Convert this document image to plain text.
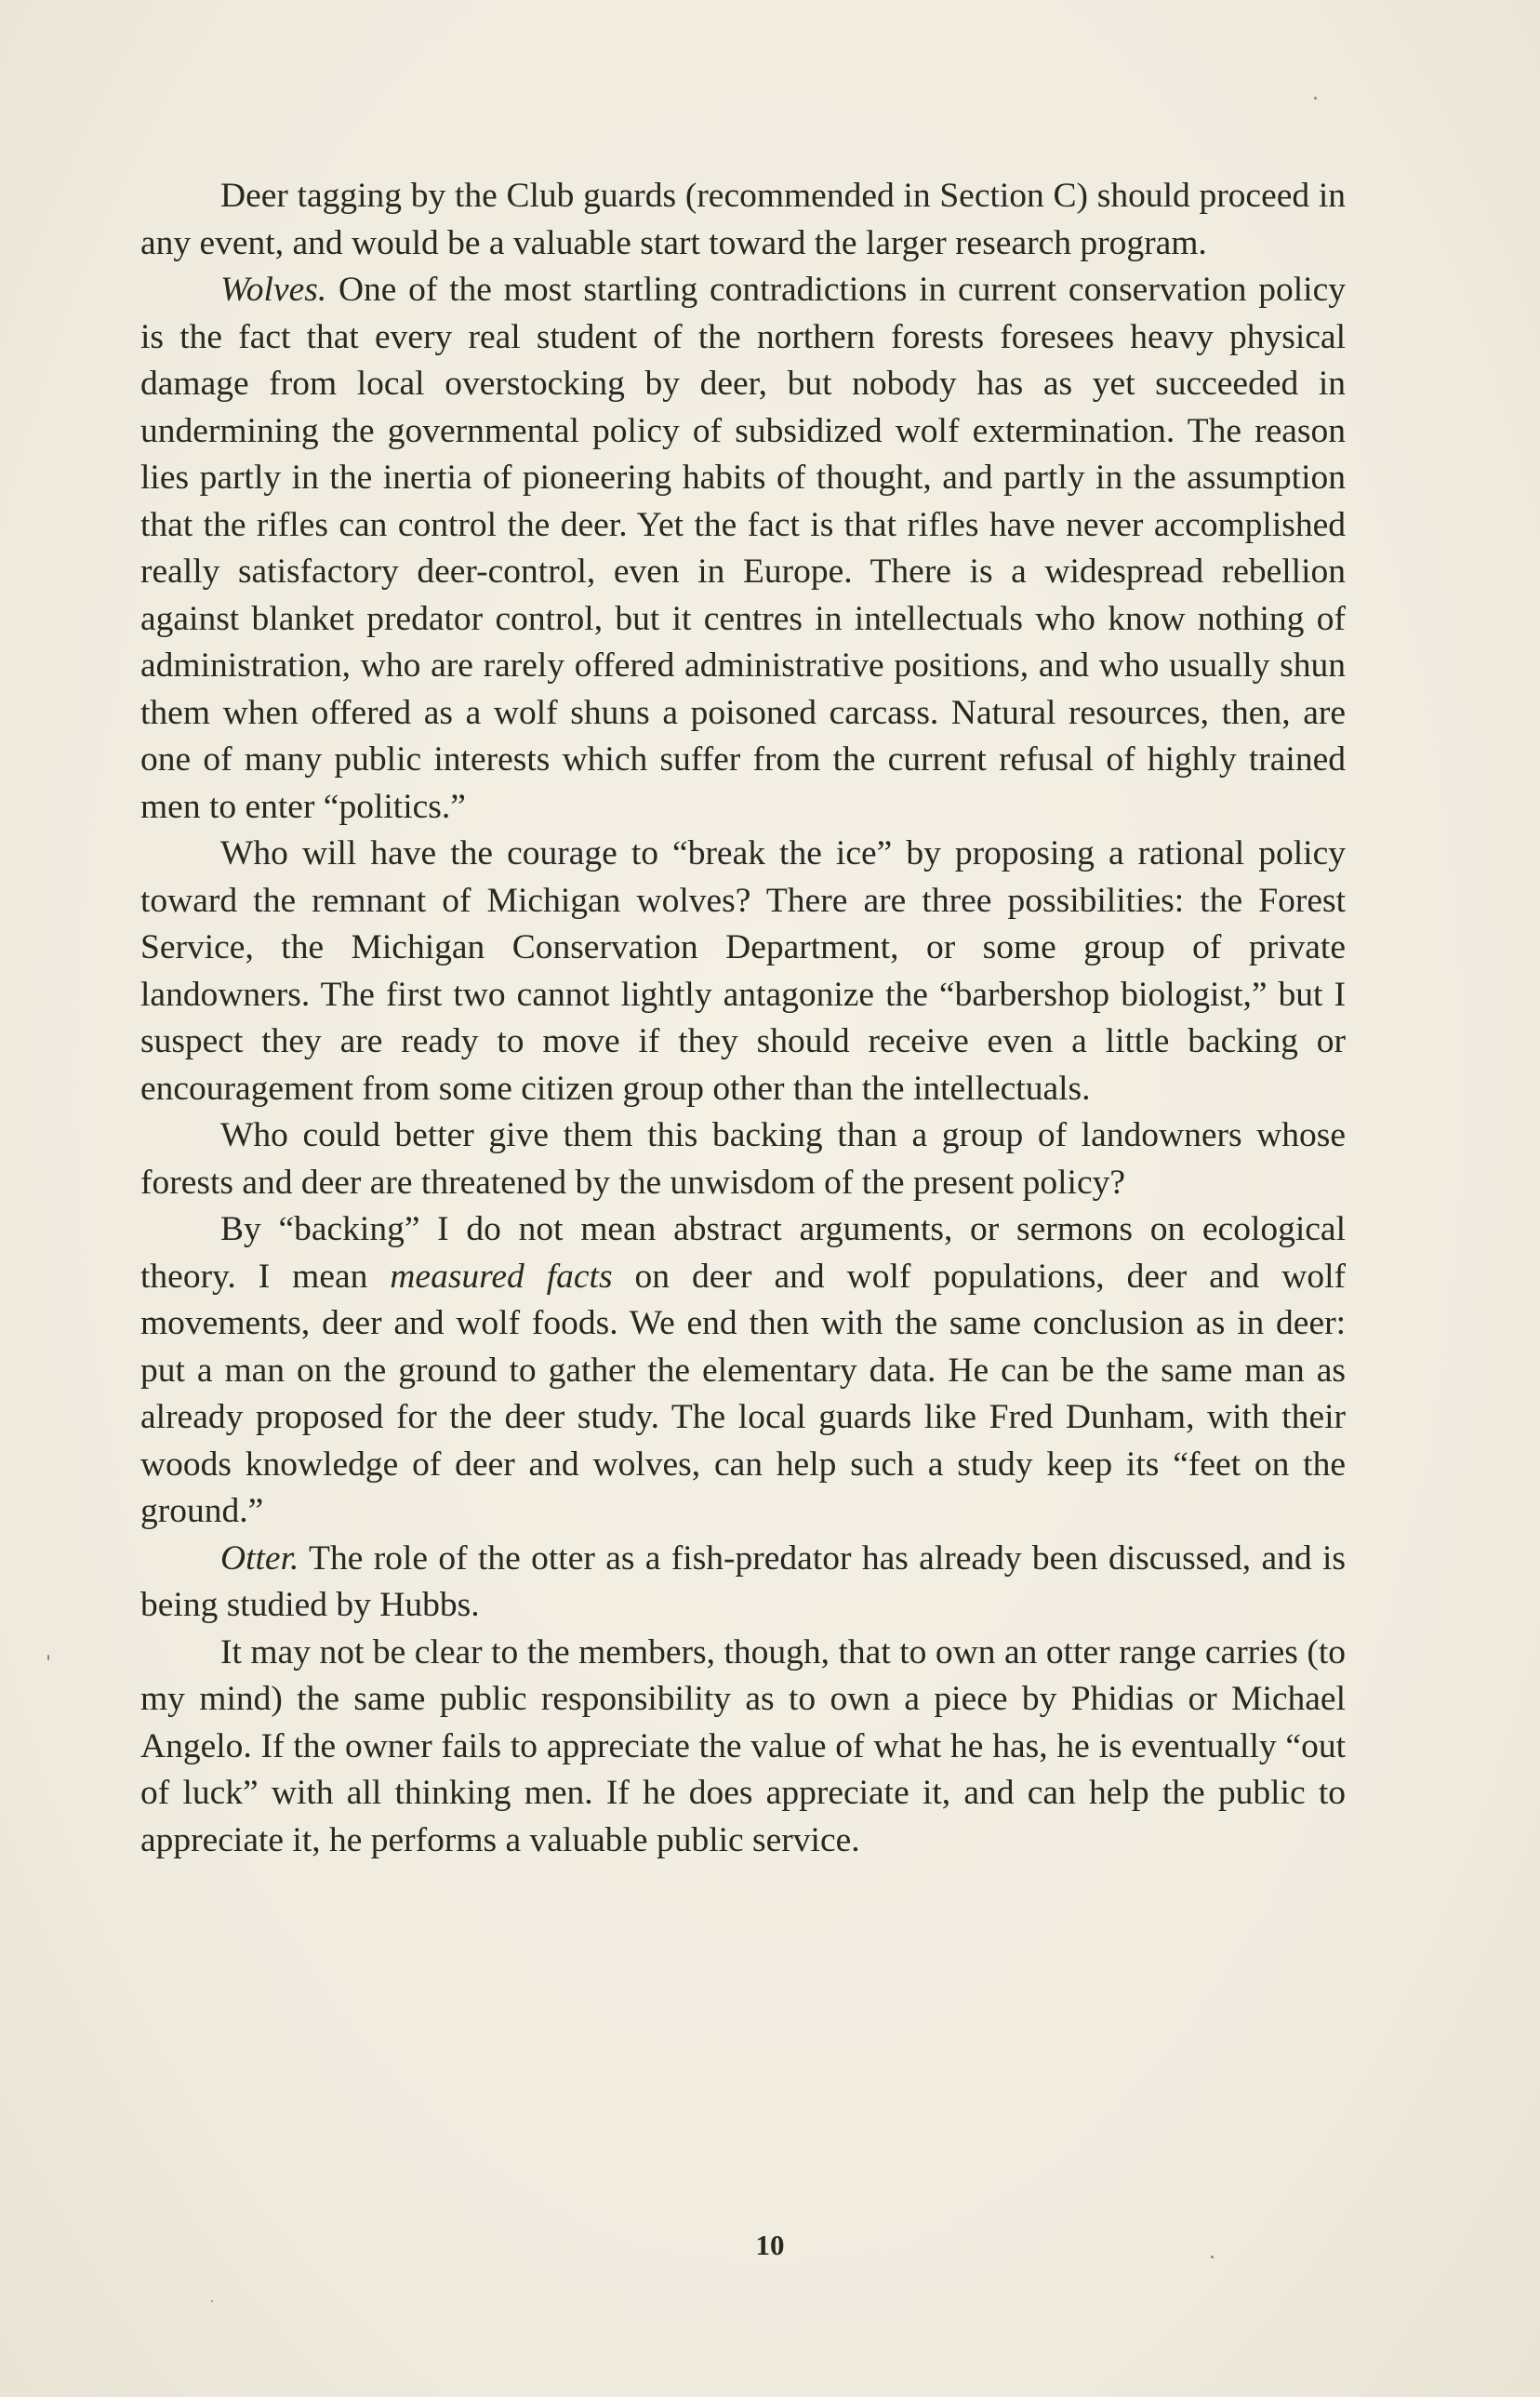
Deer tagging by the Club guards (recommended in Section C) should proceed in any event, and would be a valuable start toward the larger research program.

Wolves. One of the most startling contradictions in current conservation policy is the fact that every real student of the northern forests foresees heavy physical damage from local overstocking by deer, but nobody has as yet succeeded in undermining the governmental policy of subsidized wolf extermination. The reason lies partly in the inertia of pioneering habits of thought, and partly in the assumption that the rifles can control the deer. Yet the fact is that rifles have never accomplished really satisfactory deer-control, even in Europe. There is a widespread rebellion against blanket predator control, but it centres in intellectuals who know nothing of administration, who are rarely offered administrative positions, and who usually shun them when offered as a wolf shuns a poisoned carcass. Natural resources, then, are one of many public interests which suffer from the current refusal of highly trained men to enter “politics.”

Who will have the courage to “break the ice” by proposing a rational policy toward the remnant of Michigan wolves? There are three possibilities: the Forest Service, the Michigan Conservation Department, or some group of private landowners. The first two cannot lightly antagonize the “barbershop biologist,” but I suspect they are ready to move if they should receive even a little backing or encouragement from some citizen group other than the intellectuals.

Who could better give them this backing than a group of landowners whose forests and deer are threatened by the unwisdom of the present policy?

By “backing” I do not mean abstract arguments, or sermons on ecological theory. I mean measured facts on deer and wolf populations, deer and wolf movements, deer and wolf foods. We end then with the same conclusion as in deer: put a man on the ground to gather the elementary data. He can be the same man as already proposed for the deer study. The local guards like Fred Dunham, with their woods knowledge of deer and wolves, can help such a study keep its “feet on the ground.”

Otter. The role of the otter as a fish-predator has already been discussed, and is being studied by Hubbs.

It may not be clear to the members, though, that to own an otter range carries (to my mind) the same public responsibility as to own a piece by Phidias or Michael Angelo. If the owner fails to appreciate the value of what he has, he is eventually “out of luck” with all thinking men. If he does appreciate it, and can help the public to appreciate it, he performs a valuable public service.

10
